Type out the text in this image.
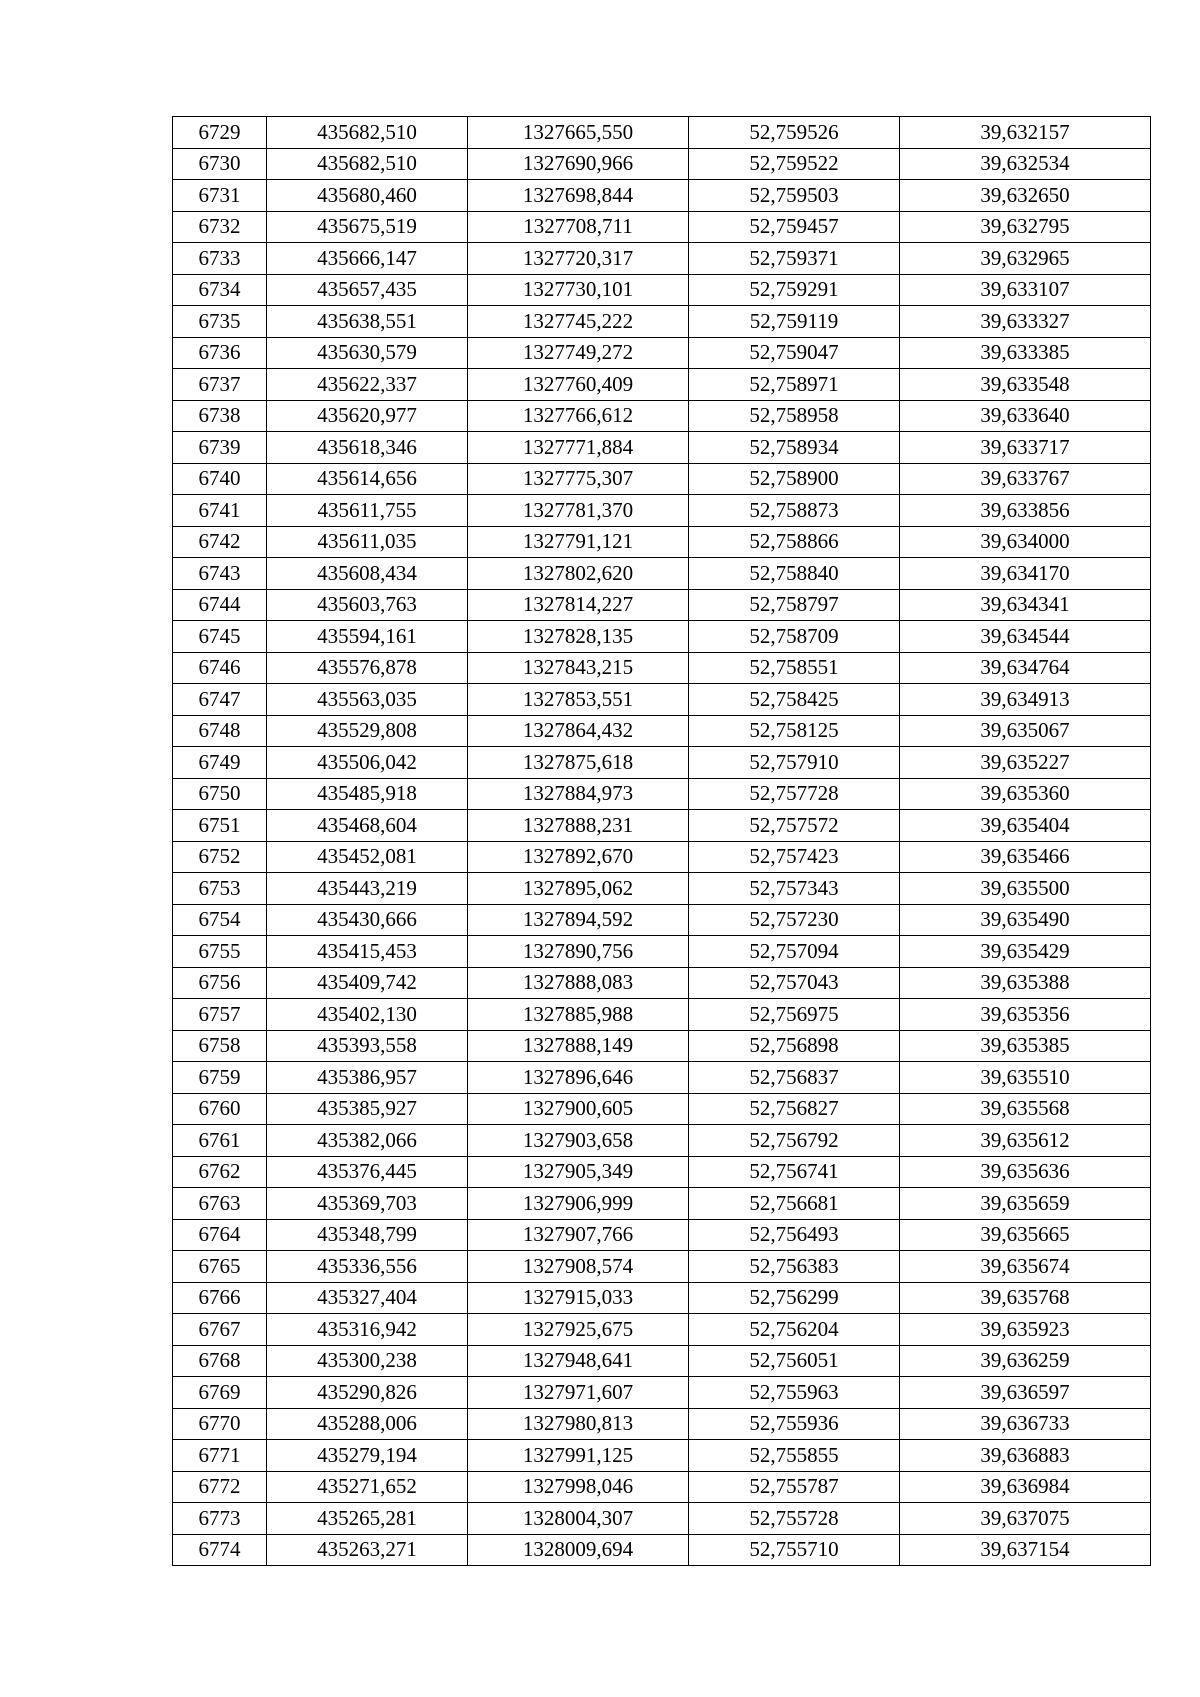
6729	435682,510	1327665,550	52,759526	39,632157
6730	435682,510	1327690,966	52,759522	39,632534
6731	435680,460	1327698,844	52,759503	39,632650
6732	435675,519	1327708,711	52,759457	39,632795
6733	435666,147	1327720,317	52,759371	39,632965
6734	435657,435	1327730,101	52,759291	39,633107
6735	435638,551	1327745,222	52,759119	39,633327
6736	435630,579	1327749,272	52,759047	39,633385
6737	435622,337	1327760,409	52,758971	39,633548
6738	435620,977	1327766,612	52,758958	39,633640
6739	435618,346	1327771,884	52,758934	39,633717
6740	435614,656	1327775,307	52,758900	39,633767
6741	435611,755	1327781,370	52,758873	39,633856
6742	435611,035	1327791,121	52,758866	39,634000
6743	435608,434	1327802,620	52,758840	39,634170
6744	435603,763	1327814,227	52,758797	39,634341
6745	435594,161	1327828,135	52,758709	39,634544
6746	435576,878	1327843,215	52,758551	39,634764
6747	435563,035	1327853,551	52,758425	39,634913
6748	435529,808	1327864,432	52,758125	39,635067
6749	435506,042	1327875,618	52,757910	39,635227
6750	435485,918	1327884,973	52,757728	39,635360
6751	435468,604	1327888,231	52,757572	39,635404
6752	435452,081	1327892,670	52,757423	39,635466
6753	435443,219	1327895,062	52,757343	39,635500
6754	435430,666	1327894,592	52,757230	39,635490
6755	435415,453	1327890,756	52,757094	39,635429
6756	435409,742	1327888,083	52,757043	39,635388
6757	435402,130	1327885,988	52,756975	39,635356
6758	435393,558	1327888,149	52,756898	39,635385
6759	435386,957	1327896,646	52,756837	39,635510
6760	435385,927	1327900,605	52,756827	39,635568
6761	435382,066	1327903,658	52,756792	39,635612
6762	435376,445	1327905,349	52,756741	39,635636
6763	435369,703	1327906,999	52,756681	39,635659
6764	435348,799	1327907,766	52,756493	39,635665
6765	435336,556	1327908,574	52,756383	39,635674
6766	435327,404	1327915,033	52,756299	39,635768
6767	435316,942	1327925,675	52,756204	39,635923
6768	435300,238	1327948,641	52,756051	39,636259
6769	435290,826	1327971,607	52,755963	39,636597
6770	435288,006	1327980,813	52,755936	39,636733
6771	435279,194	1327991,125	52,755855	39,636883
6772	435271,652	1327998,046	52,755787	39,636984
6773	435265,281	1328004,307	52,755728	39,637075
6774	435263,271	1328009,694	52,755710	39,637154
